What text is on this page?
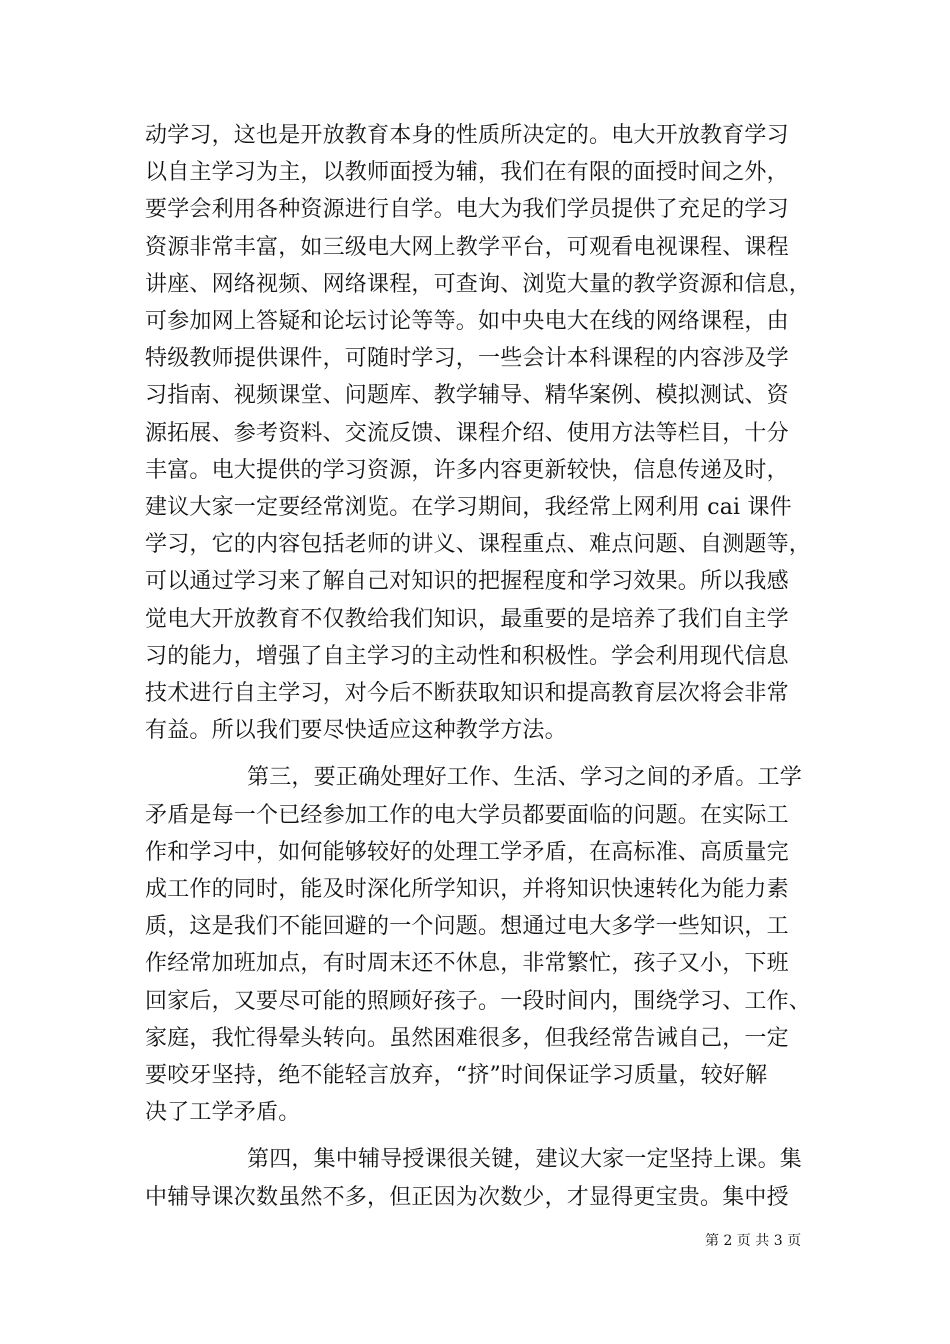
动学习，这也是开放教育本身的性质所决定的。电大开放教育学习
以自主学习为主，以教师面授为辅，我们在有限的面授时间之外，
要学会利用各种资源进行自学。电大为我们学员提供了充足的学习
资源非常丰富，如三级电大网上教学平台，可观看电视课程、课程
讲座、网络视频、网络课程，可查询、浏览大量的教学资源和信息，
可参加网上答疑和论坛讨论等等。如中央电大在线的网络课程，由
特级教师提供课件，可随时学习，一些会计本科课程的内容涉及学
习指南、视频课堂、问题库、教学辅导、精华案例、模拟测试、资
源拓展、参考资料、交流反馈、课程介绍、使用方法等栏目，十分
丰富。电大提供的学习资源，许多内容更新较快，信息传递及时，
建议大家一定要经常浏览。在学习期间，我经常上网利用 cai 课件
学习，它的内容包括老师的讲义、课程重点、难点问题、自测题等，
可以通过学习来了解自己对知识的把握程度和学习效果。所以我感
觉电大开放教育不仅教给我们知识，最重要的是培养了我们自主学
习的能力，增强了自主学习的主动性和积极性。学会利用现代信息
技术进行自主学习，对今后不断获取知识和提高教育层次将会非常
有益。所以我们要尽快适应这种教学方法。
第三，要正确处理好工作、生活、学习之间的矛盾。工学
矛盾是每一个已经参加工作的电大学员都要面临的问题。在实际工
作和学习中，如何能够较好的处理工学矛盾，在高标准、高质量完
成工作的同时，能及时深化所学知识，并将知识快速转化为能力素
质，这是我们不能回避的一个问题。想通过电大多学一些知识，工
作经常加班加点，有时周末还不休息，非常繁忙，孩子又小，下班
回家后，又要尽可能的照顾好孩子。一段时间内，围绕学习、工作、
家庭，我忙得晕头转向。虽然困难很多，但我经常告诫自己，一定
要咬牙坚持，绝不能轻言放弃，“挤”时间保证学习质量，较好解
决了工学矛盾。
第四，集中辅导授课很关键，建议大家一定坚持上课。集
中辅导课次数虽然不多，但正因为次数少，才显得更宝贵。集中授
第 2 页 共 3 页
